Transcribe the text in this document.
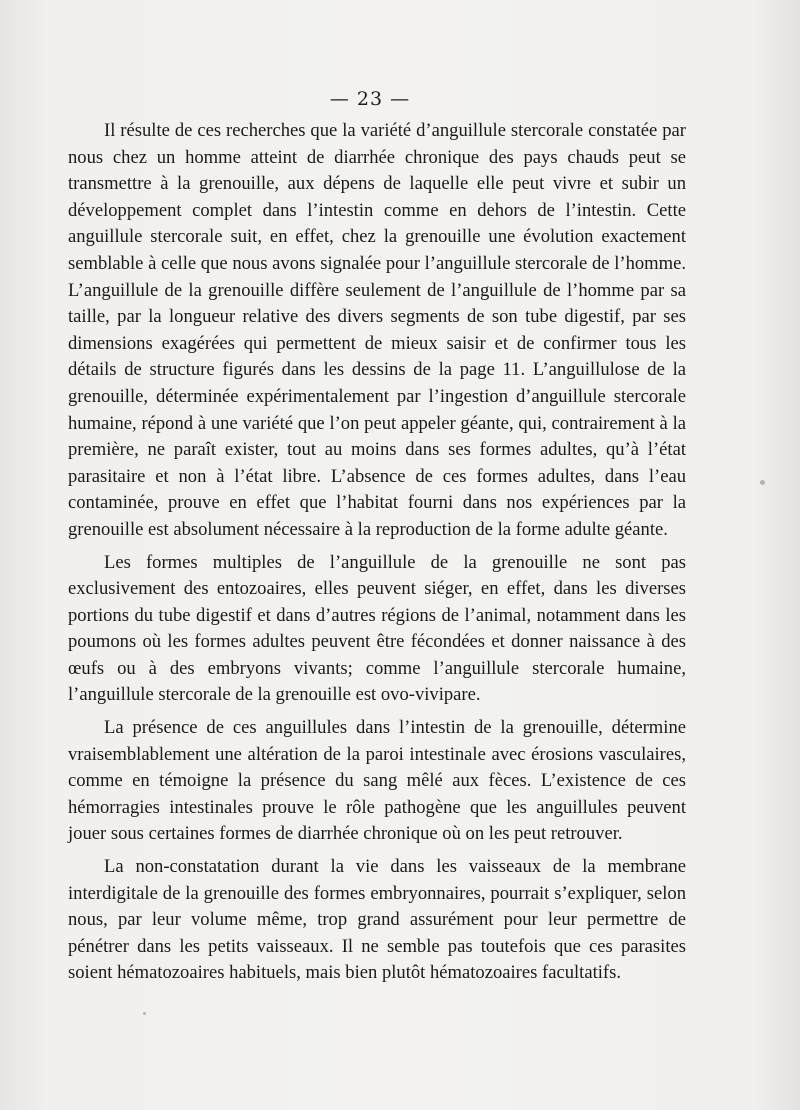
— 23 —

Il résulte de ces recherches que la variété d’anguillule stercorale constatée par nous chez un homme atteint de diarrhée chronique des pays chauds peut se transmettre à la grenouille, aux dépens de laquelle elle peut vivre et subir un développement complet dans l’intestin comme en dehors de l’intestin. Cette anguillule stercorale suit, en effet, chez la grenouille une évolution exactement semblable à celle que nous avons signalée pour l’anguillule stercorale de l’homme. L’anguillule de la grenouille diffère seulement de l’anguillule de l’homme par sa taille, par la longueur relative des divers segments de son tube digestif, par ses dimensions exagérées qui permettent de mieux saisir et de confirmer tous les détails de structure figurés dans les dessins de la page 11. L’anguillulose de la grenouille, déterminée expérimentalement par l’ingestion d’anguillule stercorale humaine, répond à une variété que l’on peut appeler géante, qui, contrairement à la première, ne paraît exister, tout au moins dans ses formes adultes, qu’à l’état parasitaire et non à l’état libre. L’absence de ces formes adultes, dans l’eau contaminée, prouve en effet que l’habitat fourni dans nos expériences par la grenouille est absolument nécessaire à la reproduction de la forme adulte géante.

Les formes multiples de l’anguillule de la grenouille ne sont pas exclusivement des entozoaires, elles peuvent siéger, en effet, dans les diverses portions du tube digestif et dans d’autres régions de l’animal, notamment dans les poumons où les formes adultes peuvent être fécondées et donner naissance à des œufs ou à des embryons vivants; comme l’anguillule stercorale humaine, l’anguillule stercorale de la grenouille est ovo-vivipare.

La présence de ces anguillules dans l’intestin de la grenouille, détermine vraisemblablement une altération de la paroi intestinale avec érosions vasculaires, comme en témoigne la présence du sang mêlé aux fèces. L’existence de ces hémorragies intestinales prouve le rôle pathogène que les anguillules peuvent jouer sous certaines formes de diarrhée chronique où on les peut retrouver.

La non-constatation durant la vie dans les vaisseaux de la membrane interdigitale de la grenouille des formes embryonnaires, pourrait s’expliquer, selon nous, par leur volume même, trop grand assurément pour leur permettre de pénétrer dans les petits vaisseaux. Il ne semble pas toutefois que ces parasites soient hématozoaires habituels, mais bien plutôt hématozoaires facultatifs.
